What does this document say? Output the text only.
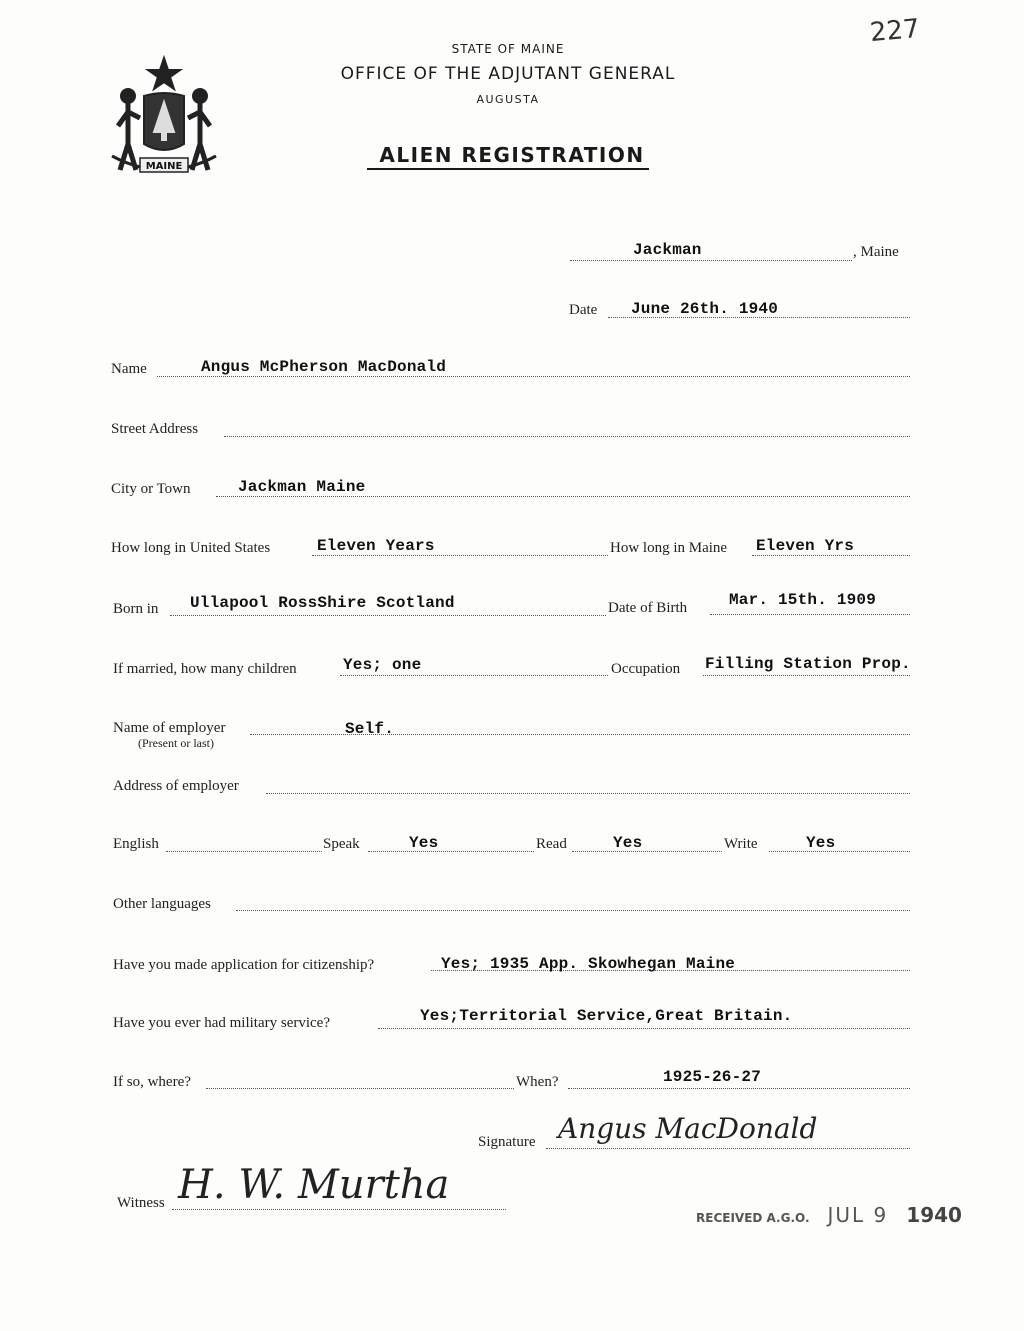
227
MAINE
STATE OF MAINE
OFFICE OF THE ADJUTANT GENERAL
AUGUSTA
ALIEN REGISTRATION
Jackman	, Maine
Date June 26th. 1940
Name	Angus McPherson MacDonald
Street Address
City or Town	Jackman Maine
How long in United States	Eleven Years	How long in Maine Eleven Yrs
Born in Ullapool RossShire Scotland	Date of Birth	Mar. 15th. 1909
If married, how many children	Yes; one	Occupation Filling Station Prop.
Name of employer
(Present or last)
Self.
Address of employer
English	Speak	Yes	Read	Yes	Write	Yes
Other languages
Have you made application for citizenship?	Yes; 1935 App. Skowhegan Maine
Have you ever had military service?	Yes;Territorial Service,Great Britain.
If so, where?	When?	1925-26-27
Signature Angus MacDonald
Witness H. W. Murtha
RECEIVED A.G.O. JUL 9 1940
